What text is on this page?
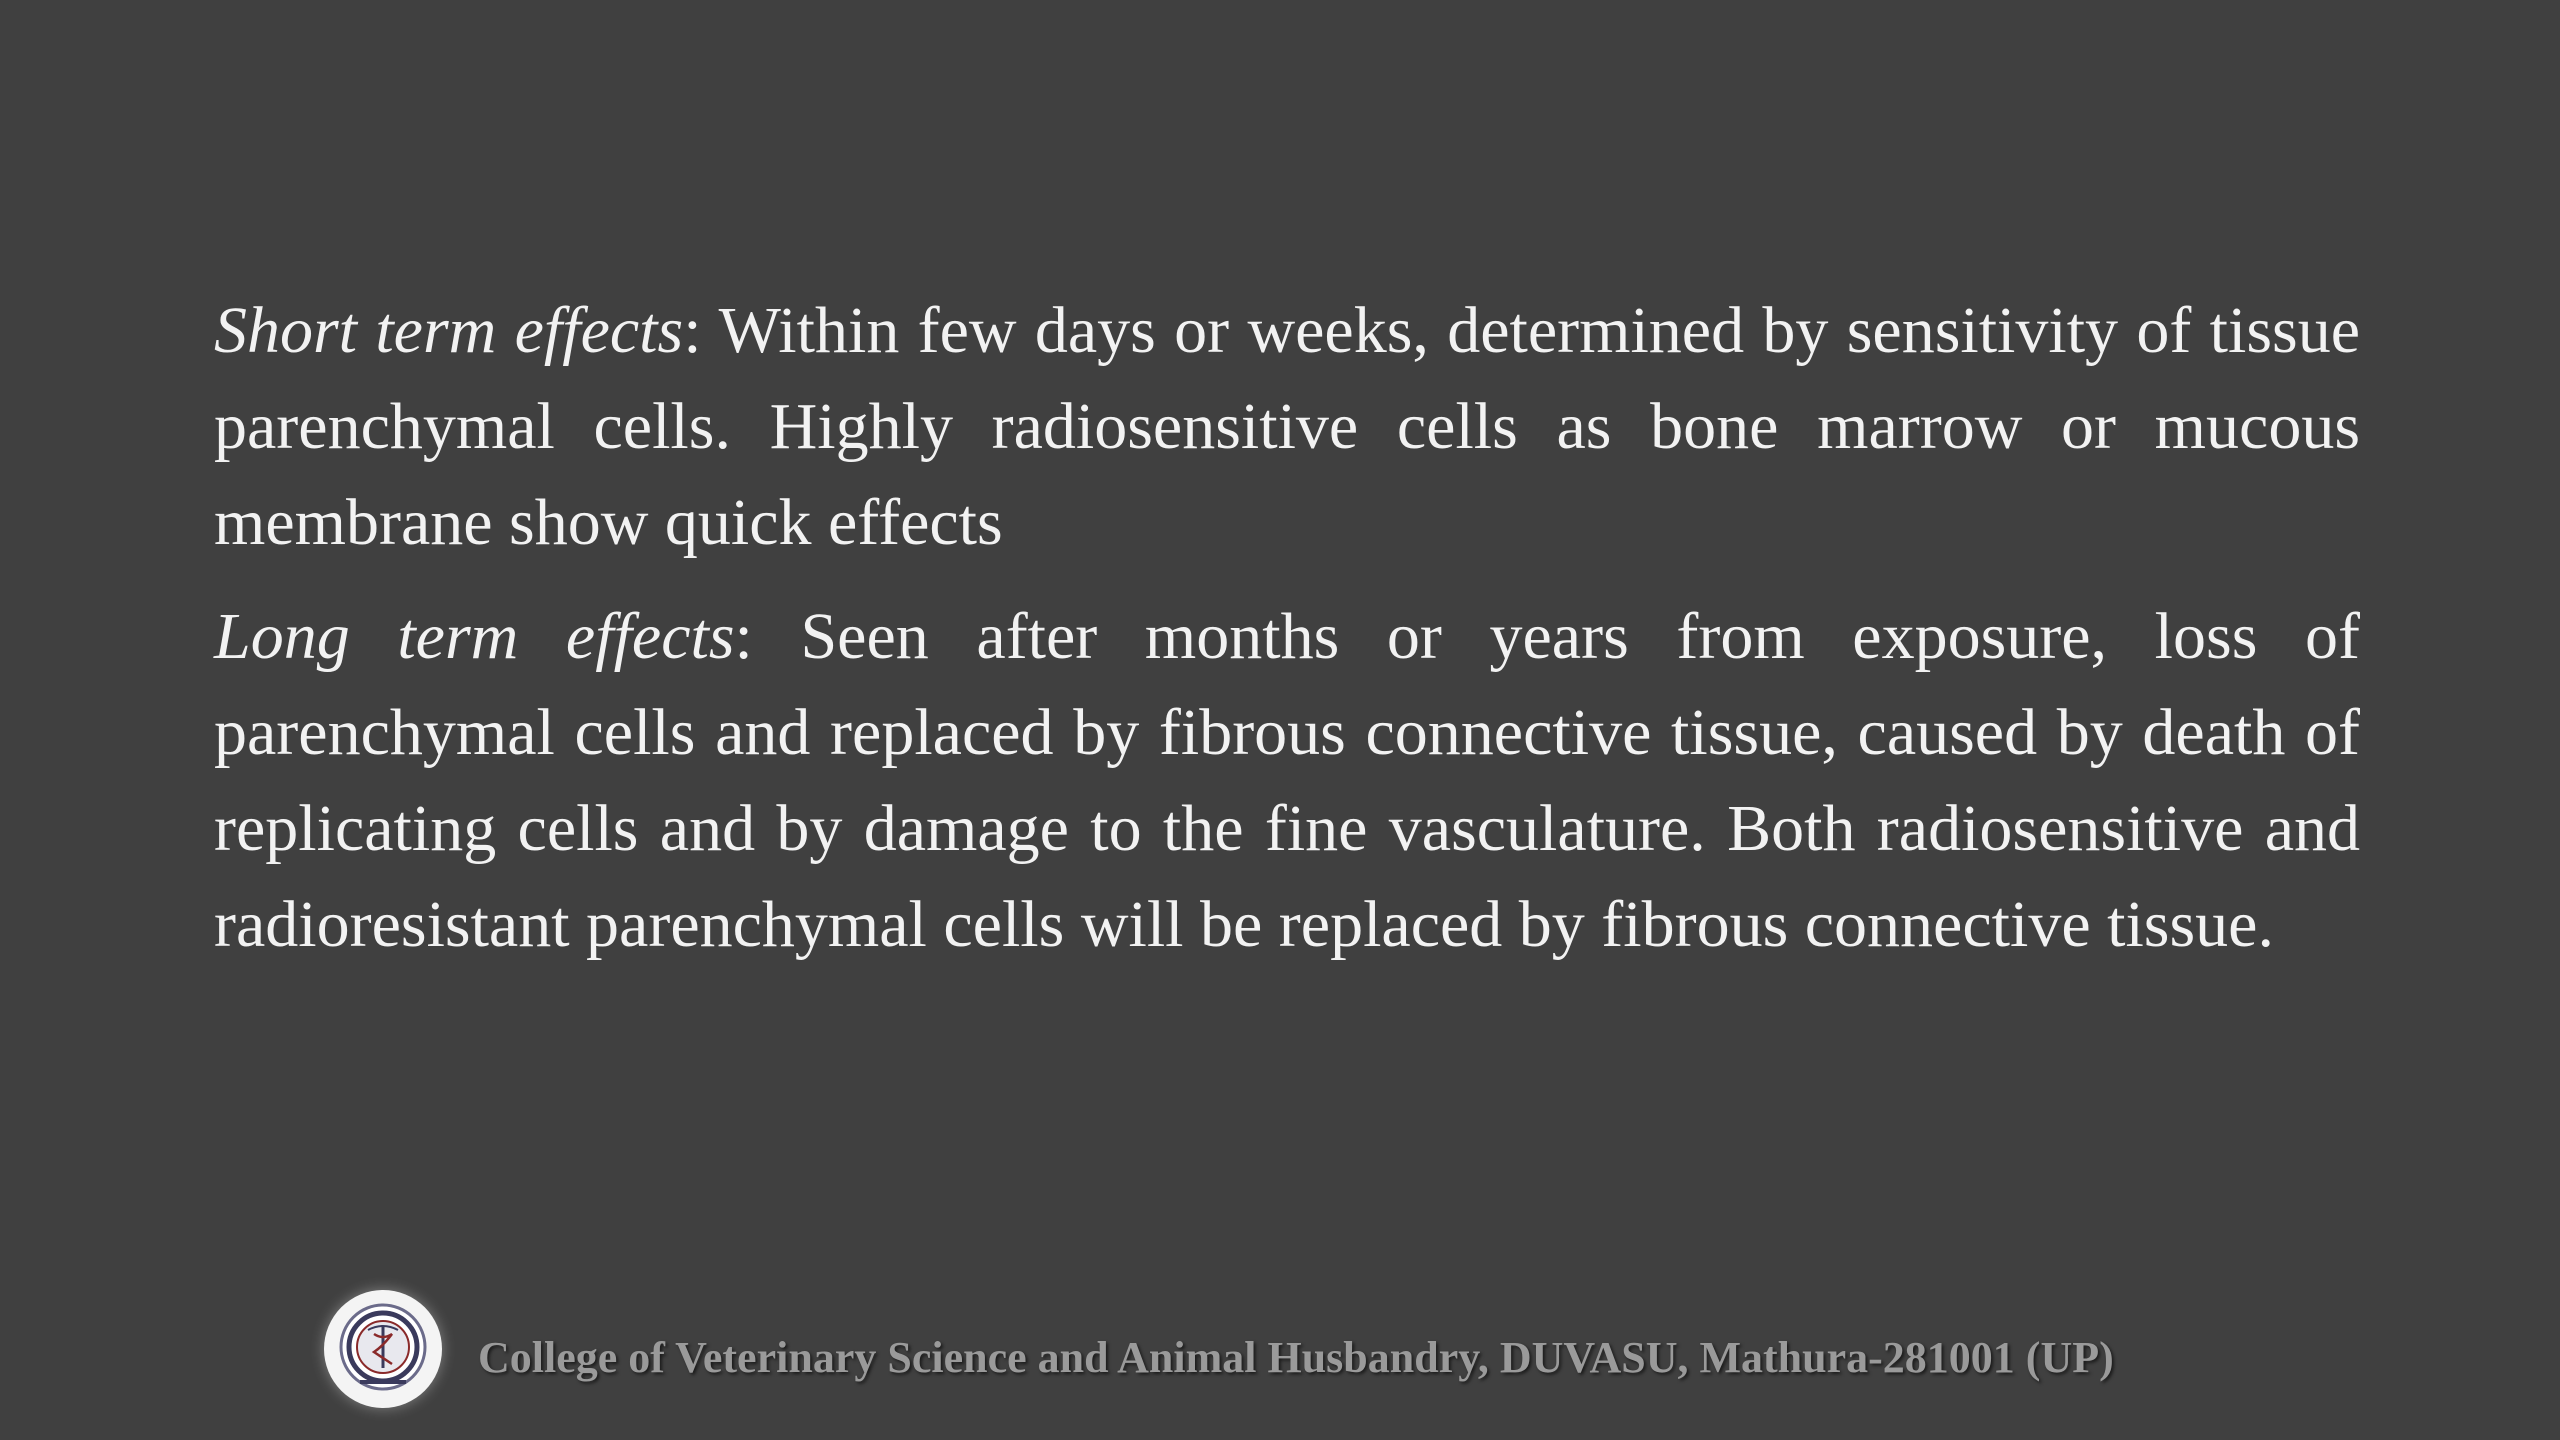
Short term effects: Within few days or weeks, determined by sensitivity of tissue parenchymal cells. Highly radiosensitive cells as bone marrow or mucous membrane show quick effects

Long term effects: Seen after months or years from exposure, loss of parenchymal cells and replaced by fibrous connective tissue, caused by death of replicating cells and by damage to the fine vasculature. Both radiosensitive and radioresistant parenchymal cells will be replaced by fibrous connective tissue.

College of Veterinary Science and Animal Husbandry, DUVASU, Mathura-281001 (UP)
